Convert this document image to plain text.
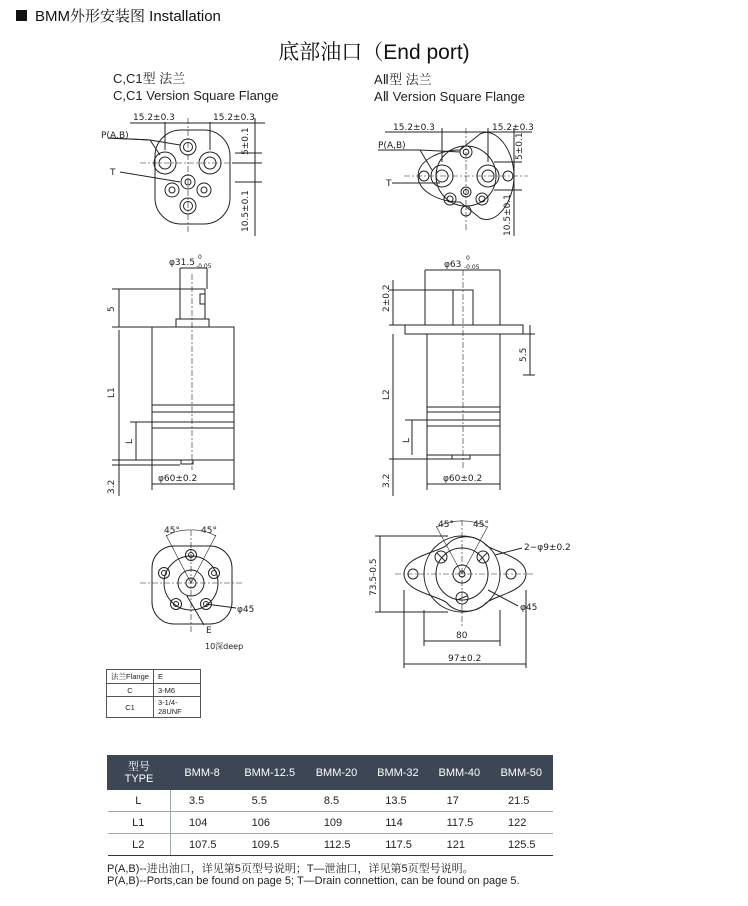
BMM外形安装图 Installation
底部油口（End port)
C,C1型 法兰
C,C1 Version Square Flange
AⅡ型 法兰
AⅡ Version Square Flange
15.2±0.3	15.2±0.3
P(A,B)
T
5±0.1
10.5±0.1
15.2±0.3	15.2±0.3
P(A,B)
T
5±0.1
10.5±0.1
φ31.5
0
-0.05
5
L1
L
3.2
φ60±0.2
φ63
0
-0.05
2±0.2
L2
L
3.2
5.5
φ60±0.2
45° 45°
φ45
E
10深deep
45° 45°
2−φ9±0.2
φ45
73.5-0.5
80
97±0.2
法兰Flange	E
C	3-M6
C1	3-1/4-28UNF
型号
TYPE	BMM-8	BMM-12.5	BMM-20	BMM-32	BMM-40	BMM-50
L	3.5	5.5	8.5	13.5	17	21.5
L1	104	106	109	114	117.5	122
L2	107.5	109.5	112.5	117.5	121	125.5
P(A,B)--进出油口，详见第5页型号说明；T—泄油口，详见第5页型号说明。
P(A,B)--Ports,can be found on page 5; T—Drain connettion, can be found on page 5.
